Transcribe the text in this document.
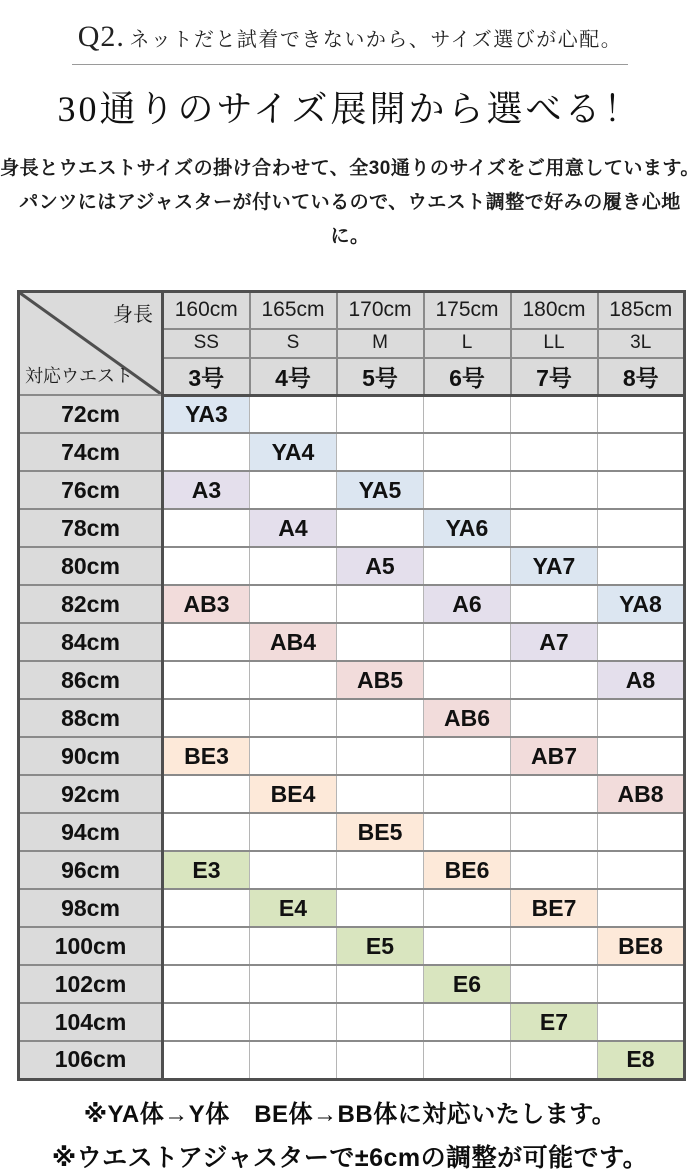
Q2. ネットだと試着できないから、サイズ選びが心配。
30通りのサイズ展開から選べる！
身長とウエストサイズの掛け合わせて、全30通りのサイズをご用意しています。
パンツにはアジャスターが付いているので、ウエスト調整で好みの履き心地に。
身長
対応ウエスト	160cm	165cm	170cm	175cm	180cm	185cm
	SS	S	M	L	LL	3L
	3号	4号	5号	6号	7号	8号
72cm	YA3					
74cm		YA4				
76cm	A3		YA5			
78cm		A4		YA6		
80cm			A5		YA7	
82cm	AB3			A6		YA8
84cm		AB4			A7	
86cm			AB5			A8
88cm				AB6		
90cm	BE3				AB7	
92cm		BE4				AB8
94cm			BE5			
96cm	E3			BE6		
98cm		E4			BE7	
100cm			E5			BE8
102cm				E6		
104cm					E7	
106cm						E8
※YA体→Y体　BE体→BB体に対応いたします。
※ウエストアジャスターで±6cmの調整が可能です。
